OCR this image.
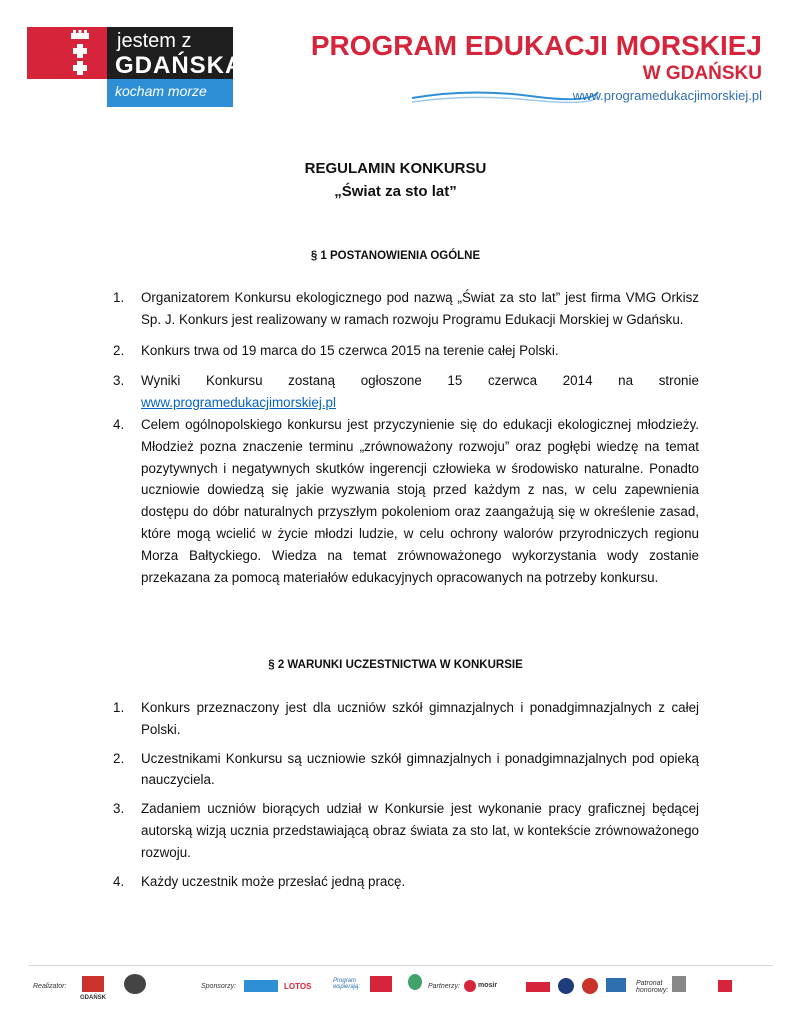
jestem z
GDAŃSKA
kocham morze
PROGRAM EDUKACJI MORSKIEJ
W GDAŃSKU
www.programedukacjimorskiej.pl
REGULAMIN KONKURSU
„Świat za sto lat”
§ 1 POSTANOWIENIA OGÓLNE
1. Organizatorem Konkursu ekologicznego pod nazwą „Świat za sto lat” jest firma VMG Orkisz Sp. J. Konkurs jest realizowany w ramach rozwoju Programu Edukacji Morskiej w Gdańsku.
2. Konkurs trwa od 19 marca do 15 czerwca 2015 na terenie całej Polski.
3. Wyniki Konkursu zostaną ogłoszone 15 czerwca 2014 na stronie
www.programedukacjimorskiej.pl
4. Celem ogólnopolskiego konkursu jest przyczynienie się do edukacji ekologicznej młodzieży. Młodzież pozna znaczenie terminu „zrównoważony rozwoju” oraz pogłębi wiedzę na temat pozytywnych i negatywnych skutków ingerencji człowieka w środowisko naturalne. Ponadto uczniowie dowiedzą się jakie wyzwania stoją przed każdym z nas, w celu zapewnienia dostępu do dóbr naturalnych przyszłym pokoleniom oraz zaangażują się w określenie zasad, które mogą wcielić w życie młodzi ludzie, w celu ochrony walorów przyrodniczych regionu Morza Bałtyckiego. Wiedza na temat zrównoważonego wykorzystania wody zostanie przekazana za pomocą materiałów edukacyjnych opracowanych na potrzeby konkursu.
§ 2 WARUNKI UCZESTNICTWA W KONKURSIE
1. Konkurs przeznaczony jest dla uczniów szkół gimnazjalnych i ponadgimnazjalnych z całej Polski.
2. Uczestnikami Konkursu są uczniowie szkół gimnazjalnych i ponadgimnazjalnych pod opieką nauczyciela.
3. Zadaniem uczniów biorących udział w Konkursie jest wykonanie pracy graficznej będącej autorską wizją ucznia przedstawiającą obraz świata za sto lat, w kontekście zrównoważonego rozwoju.
4. Każdy uczestnik może przesłać jedną pracę.
Realizator:
GDAŃSK
Sponsorzy:	LOTOS
Program wspierają:	Partnerzy:	mosir	Patronat honorowy:
